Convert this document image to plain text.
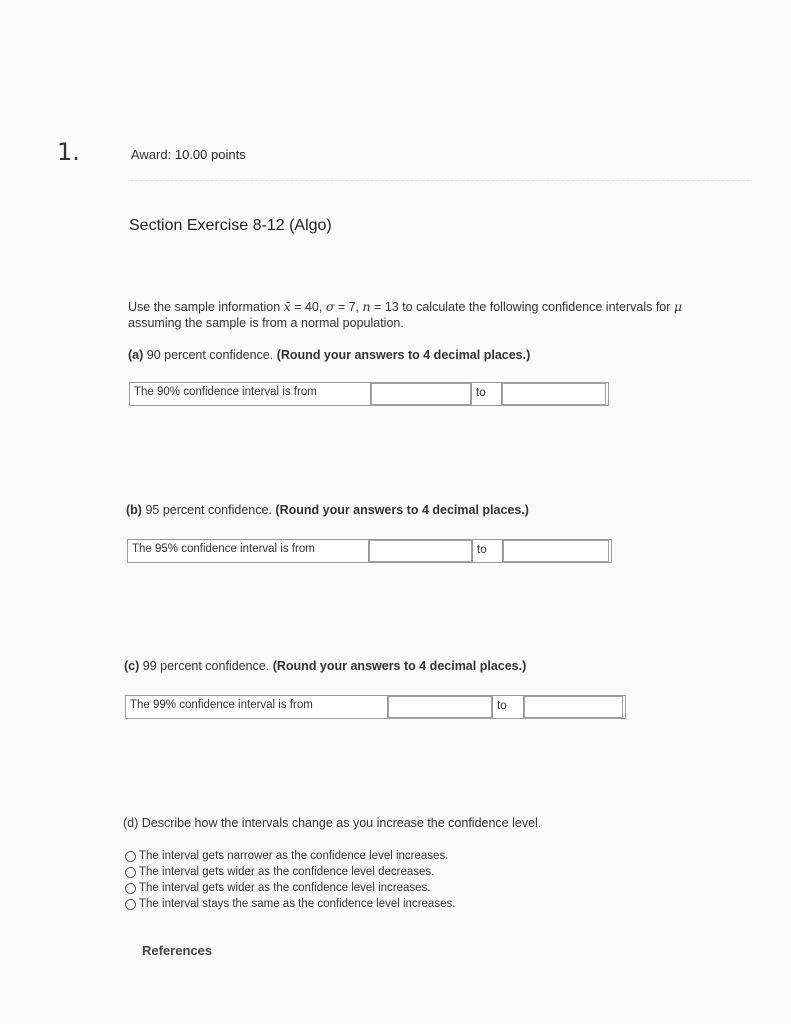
1.	Award: 10.00 points
Section Exercise 8-12 (Algo)
Use the sample information x̄ = 40, σ = 7, n = 13 to calculate the following confidence intervals for μ
assuming the sample is from a normal population.
(a) 90 percent confidence. (Round your answers to 4 decimal places.)
The 90% confidence interval is from	to
(b) 95 percent confidence. (Round your answers to 4 decimal places.)
The 95% confidence interval is from	to
(c) 99 percent confidence. (Round your answers to 4 decimal places.)
The 99% confidence interval is from	to
(d) Describe how the intervals change as you increase the confidence level.
The interval gets narrower as the confidence level increases.
The interval gets wider as the confidence level decreases.
The interval gets wider as the confidence level increases.
The interval stays the same as the confidence level increases.
References
